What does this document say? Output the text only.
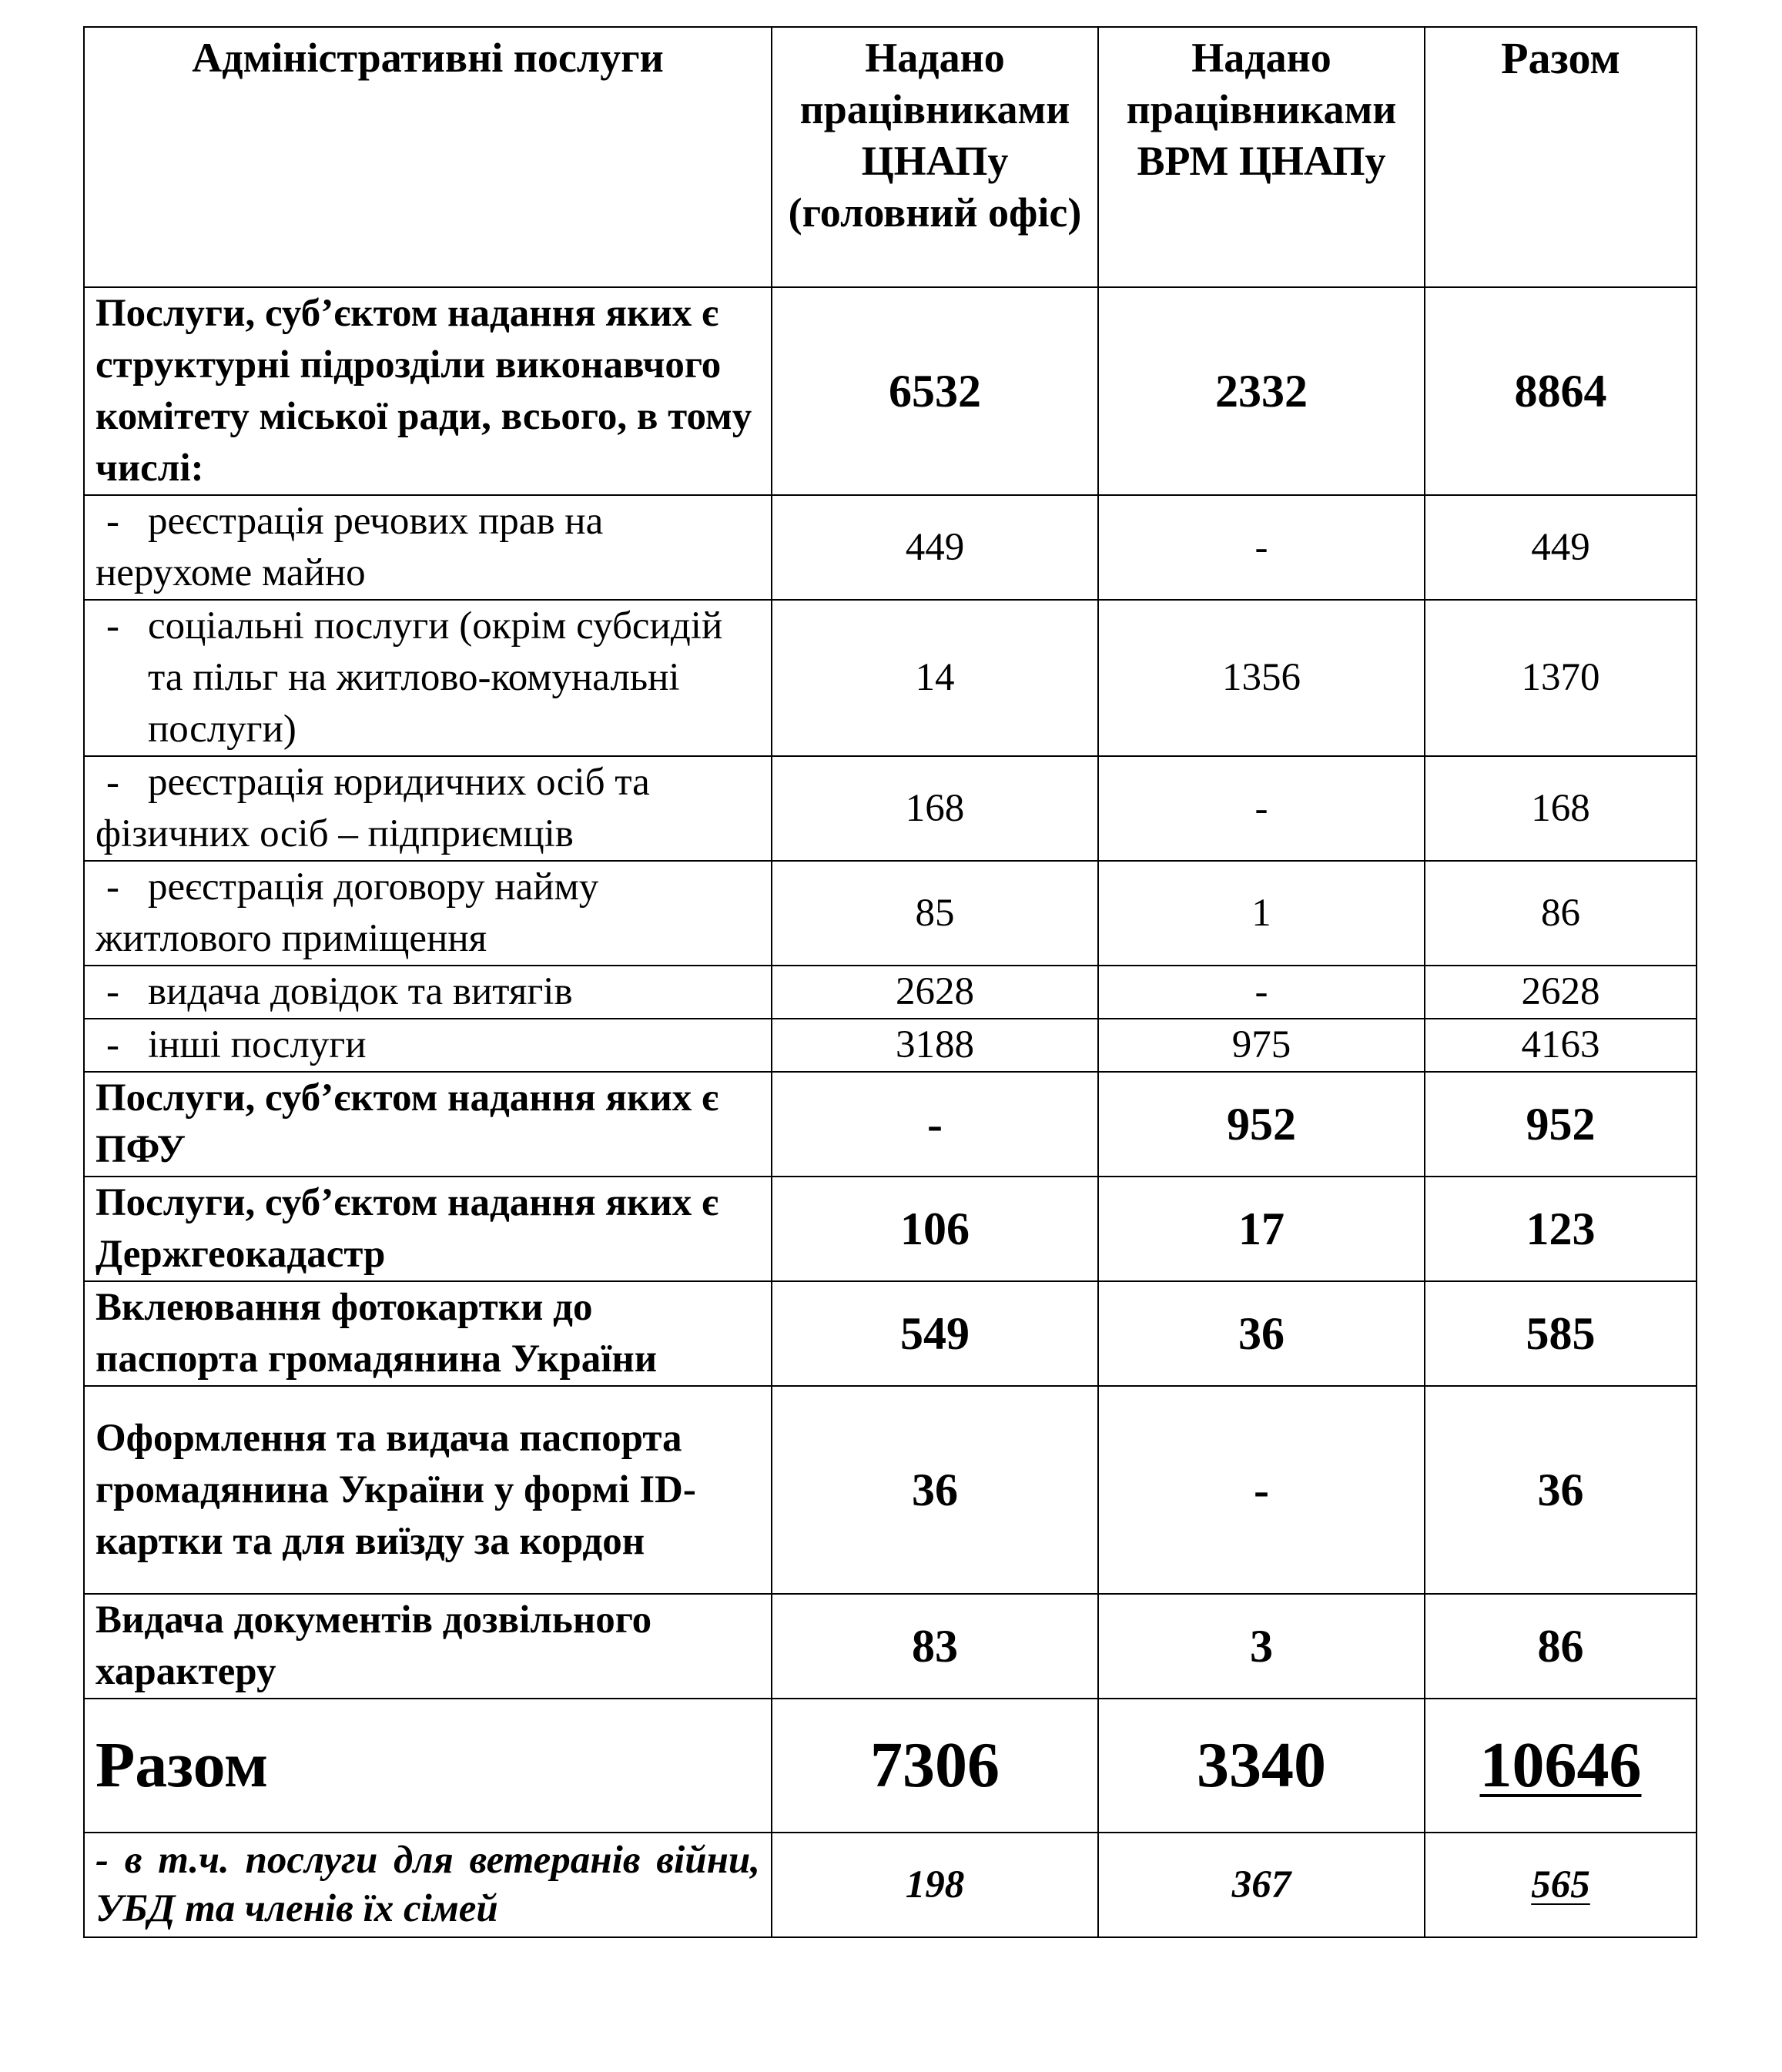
Адміністративні послуги	Надано працівниками ЦНАПу (головний офіс)	Надано працівниками ВРМ ЦНАПу	Разом
Послуги, суб’єктом надання яких є структурні підрозділи виконавчого комітету міської ради, всього, в тому числі:	6532	2332	8864

- реєстрація речових прав на
нерухоме майно	449	-	449

- соціальні послуги (окрім субсидій та пільг на житлово-комунальні послуги)	14	1356	1370

- реєстрація юридичних осіб та
фізичних осіб – підприємців	168	-	168

- реєстрація договору найму
житлового приміщення	85	1	86

- видача довідок та витягів	2628	-	2628

- інші послуги	3188	975	4163
Послуги, суб’єктом надання яких є ПФУ	-	952	952
Послуги, суб’єктом надання яких є Держгеокадастр	106	17	123
Вклеювання фотокартки до паспорта громадянина України	549	36	585
Оформлення та видача паспорта громадянина України у формі ID-картки та для виїзду за кордон	36	-	36
Видача документів дозвільного характеру	83	3	86
Разом	7306	3340	10646
- в т.ч. послуги для ветеранів війни, УБД та членів їх сімей	198	367	565
